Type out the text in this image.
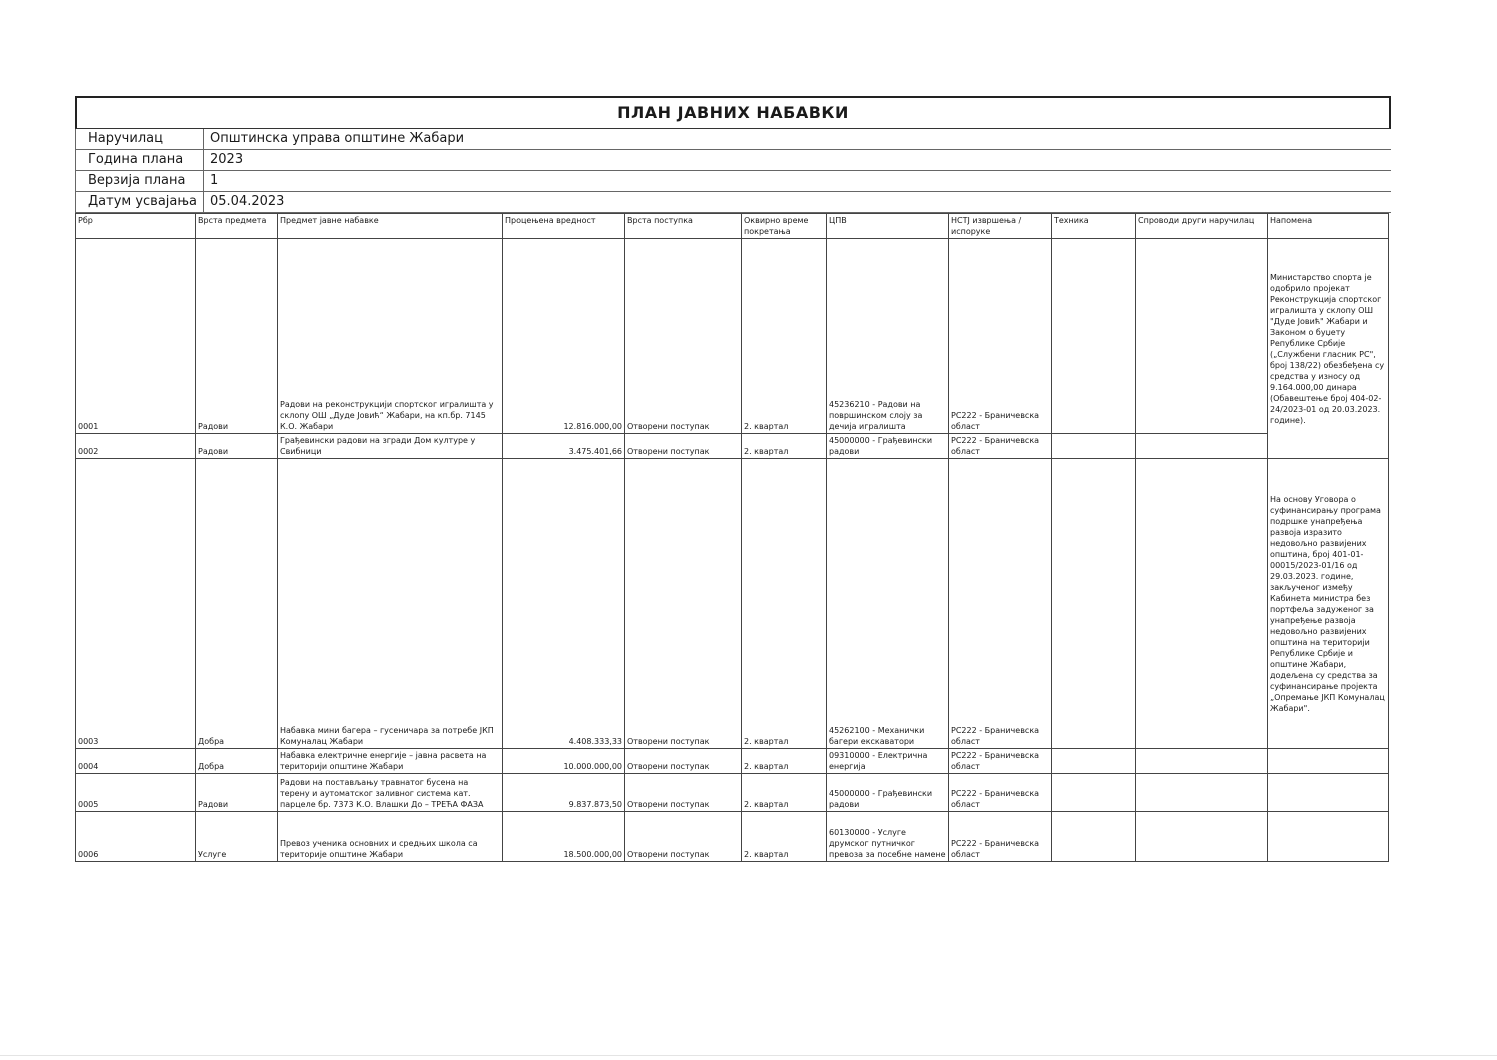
ПЛАН ЈАВНИХ НАБАВКИ
Наручилац	Општинска управа општине Жабари
Година плана	2023
Верзија плана	1
Датум усвајања 05.04.2023
Рбр	Врста предмета	Предмет јавне набавке	Процењена вредност	Врста поступка	Оквирно време покретања	ЦПВ	НСТЈ извршења / испоруке	Техника	Спроводи други наручилац	Напомена
0001	Радови	Радови на реконструкцији спортског игралишта у склопу ОШ „Дуде Јовић“ Жабари, на кп.бр. 7145 К.О. Жабари	12.816.000,00	Отворени поступак	2. квартал	45236210 - Радови на површинском слоју за дечија игралишта	РС222 - Браничевска област			Министарство спорта је одобрило пројекат Реконструкција спортског игралишта у склопу ОШ "Дуде Јовић" Жабари и Законом о буџету Републике Србије („Службени гласник РС", број 138/22) обезбеђена су средства у износу од 9.164.000,00 динара (Обавештење број 404-02-24/2023-01 од 20.03.2023. године).
0002	Радови	Грађевински радови на згради Дом културе у Свибници	3.475.401,66	Отворени поступак	2. квартал	45000000 - Грађевински радови	РС222 - Браничевска област			
0003	Добра	Набавка мини багера – гусеничара за потребе ЈКП Комуналац Жабари	4.408.333,33	Отворени поступак	2. квартал	45262100 - Механички багери екскаватори	РС222 - Браничевска област			На основу Уговора о суфинансирању програма подршке унапређења развоја изразито недовољно развијених општина, број 401-01-00015/2023-01/16 од 29.03.2023. године, закљученог између Кабинета министра без портфеља задуженог за унапређење развоја недовољно развијених општина на територији Републике Србије и општине Жабари, додељена су средства за суфинансирање пројекта „Опремање ЈКП Комуналац Жабари".
0004	Добра	Набавка електричне енергије – јавна расвета на територији општине Жабари	10.000.000,00	Отворени поступак	2. квартал	09310000 - Електрична енергија	РС222 - Браничевска област			
0005	Радови	Радови на постављању травнатог бусена на терену и аутоматског заливног система кат. парцеле бр. 7373 К.О. Влашки До – ТРЕЋА ФАЗА	9.837.873,50	Отворени поступак	2. квартал	45000000 - Грађевински радови	РС222 - Браничевска област			
0006	Услуге	Превоз ученика основних и средњих школа са територије општине Жабари	18.500.000,00	Отворени поступак	2. квартал	60130000 - Услуге друмског путничког превоза за посебне намене	РС222 - Браничевска област			
